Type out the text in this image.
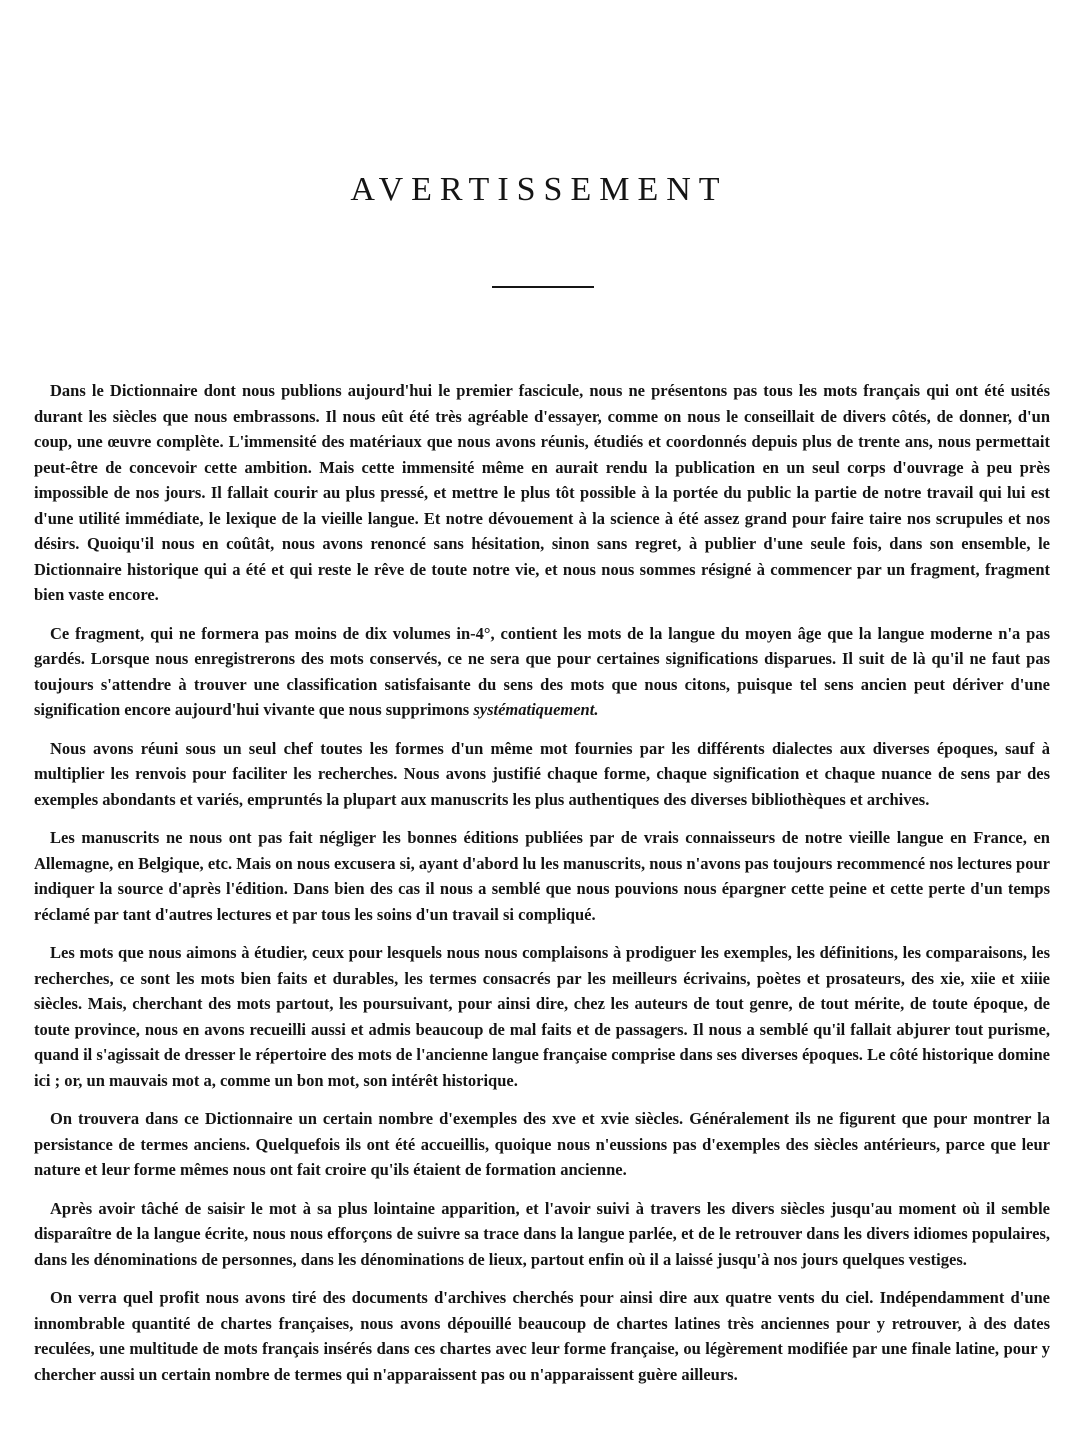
AVERTISSEMENT

Dans le Dictionnaire dont nous publions aujourd'hui le premier fascicule, nous ne présentons pas tous les mots français qui ont été usités durant les siècles que nous embrassons. Il nous eût été très agréable d'essayer, comme on nous le conseillait de divers côtés, de donner, d'un coup, une œuvre complète. L'immensité des matériaux que nous avons réunis, étudiés et coordonnés depuis plus de trente ans, nous permettait peut-être de concevoir cette ambition. Mais cette immensité même en aurait rendu la publication en un seul corps d'ouvrage à peu près impossible de nos jours. Il fallait courir au plus pressé, et mettre le plus tôt possible à la portée du public la partie de notre travail qui lui est d'une utilité immédiate, le lexique de la vieille langue. Et notre dévouement à la science à été assez grand pour faire taire nos scrupules et nos désirs. Quoiqu'il nous en coûtât, nous avons renoncé sans hésitation, sinon sans regret, à publier d'une seule fois, dans son ensemble, le Dictionnaire historique qui a été et qui reste le rêve de toute notre vie, et nous nous sommes résigné à commencer par un fragment, fragment bien vaste encore.

Ce fragment, qui ne formera pas moins de dix volumes in-4°, contient les mots de la langue du moyen âge que la langue moderne n'a pas gardés. Lorsque nous enregistrerons des mots conservés, ce ne sera que pour certaines significations disparues. Il suit de là qu'il ne faut pas toujours s'attendre à trouver une classification satisfaisante du sens des mots que nous citons, puisque tel sens ancien peut dériver d'une signification encore aujourd'hui vivante que nous supprimons systématiquement.

Nous avons réuni sous un seul chef toutes les formes d'un même mot fournies par les différents dialectes aux diverses époques, sauf à multiplier les renvois pour faciliter les recherches. Nous avons justifié chaque forme, chaque signification et chaque nuance de sens par des exemples abondants et variés, empruntés la plupart aux manuscrits les plus authentiques des diverses bibliothèques et archives.

Les manuscrits ne nous ont pas fait négliger les bonnes éditions publiées par de vrais connaisseurs de notre vieille langue en France, en Allemagne, en Belgique, etc. Mais on nous excusera si, ayant d'abord lu les manuscrits, nous n'avons pas toujours recommencé nos lectures pour indiquer la source d'après l'édition. Dans bien des cas il nous a semblé que nous pouvions nous épargner cette peine et cette perte d'un temps réclamé par tant d'autres lectures et par tous les soins d'un travail si compliqué.

Les mots que nous aimons à étudier, ceux pour lesquels nous nous complaisons à prodiguer les exemples, les définitions, les comparaisons, les recherches, ce sont les mots bien faits et durables, les termes consacrés par les meilleurs écrivains, poètes et prosateurs, des xie, xiie et xiiie siècles. Mais, cherchant des mots partout, les poursuivant, pour ainsi dire, chez les auteurs de tout genre, de tout mérite, de toute époque, de toute province, nous en avons recueilli aussi et admis beaucoup de mal faits et de passagers. Il nous a semblé qu'il fallait abjurer tout purisme, quand il s'agissait de dresser le répertoire des mots de l'ancienne langue française comprise dans ses diverses époques. Le côté historique domine ici ; or, un mauvais mot a, comme un bon mot, son intérêt historique.

On trouvera dans ce Dictionnaire un certain nombre d'exemples des xve et xvie siècles. Généralement ils ne figurent que pour montrer la persistance de termes anciens. Quelquefois ils ont été accueillis, quoique nous n'eussions pas d'exemples des siècles antérieurs, parce que leur nature et leur forme mêmes nous ont fait croire qu'ils étaient de formation ancienne.

Après avoir tâché de saisir le mot à sa plus lointaine apparition, et l'avoir suivi à travers les divers siècles jusqu'au moment où il semble disparaître de la langue écrite, nous nous efforçons de suivre sa trace dans la langue parlée, et de le retrouver dans les divers idiomes populaires, dans les dénominations de personnes, dans les dénominations de lieux, partout enfin où il a laissé jusqu'à nos jours quelques vestiges.

On verra quel profit nous avons tiré des documents d'archives cherchés pour ainsi dire aux quatre vents du ciel. Indépendamment d'une innombrable quantité de chartes françaises, nous avons dépouillé beaucoup de chartes latines très anciennes pour y retrouver, à des dates reculées, une multitude de mots français insérés dans ces chartes avec leur forme française, ou légèrement modifiée par une finale latine, pour y chercher aussi un certain nombre de termes qui n'apparaissent pas ou n'apparaissent guère ailleurs.
